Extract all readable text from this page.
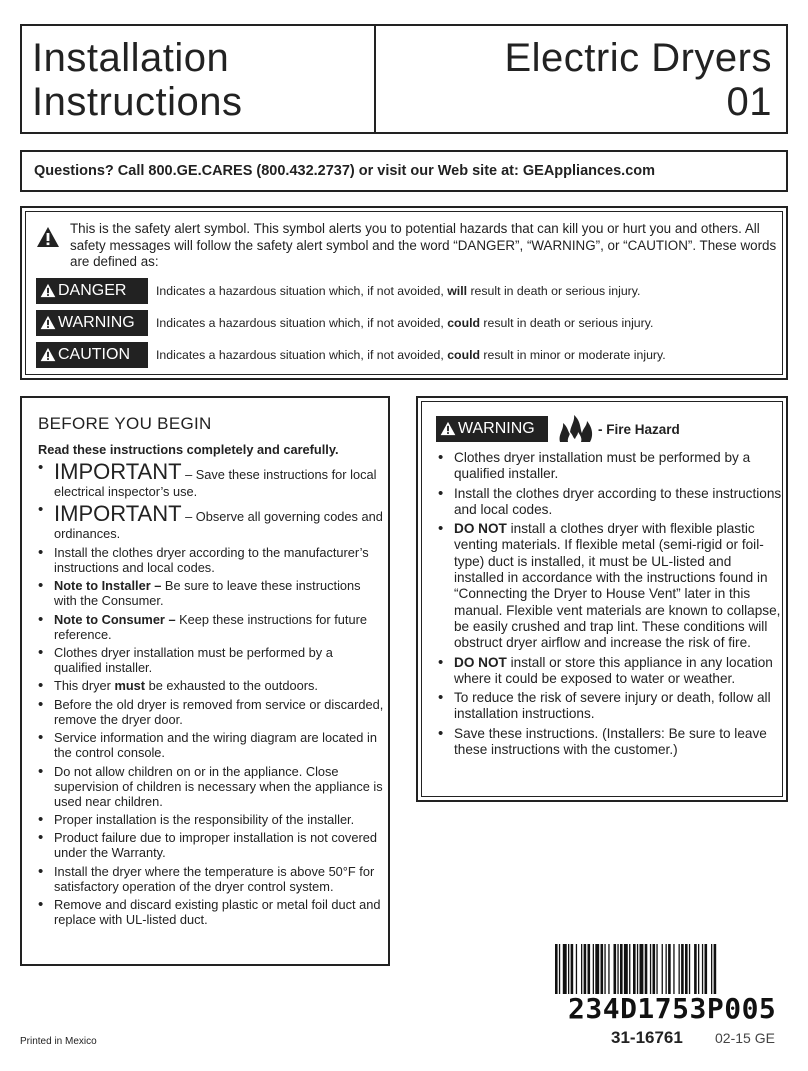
Installation
Instructions
Electric Dryers
01
Questions? Call 800.GE.CARES (800.432.2737) or visit our Web site at: GEAppliances.com
This is the safety alert symbol. This symbol alerts you to potential hazards that can kill you or hurt you and others. All safety messages will follow the safety alert symbol and the word “DANGER”, “WARNING”, or “CAUTION”. These words are defined as:
DANGER	Indicates a hazardous situation which, if not avoided, will result in death or serious injury.
WARNING	Indicates a hazardous situation which, if not avoided, could result in death or serious injury.
CAUTION	Indicates a hazardous situation which, if not avoided, could result in minor or moderate injury.
BEFORE YOU BEGIN
Read these instructions completely and carefully.
• IMPORTANT – Save these instructions for local electrical inspector’s use.
• IMPORTANT – Observe all governing codes and ordinances.
• Install the clothes dryer according to the manufacturer’s instructions and local codes.
• Note to Installer – Be sure to leave these instructions with the Consumer.
• Note to Consumer – Keep these instructions for future reference.
• Clothes dryer installation must be performed by a qualified installer.
• This dryer must be exhausted to the outdoors.
• Before the old dryer is removed from service or discarded, remove the dryer door.
• Service information and the wiring diagram are located in the control console.
• Do not allow children on or in the appliance. Close supervision of children is necessary when the appliance is used near children.
• Proper installation is the responsibility of the installer.
• Product failure due to improper installation is not covered under the Warranty.
• Install the dryer where the temperature is above 50°F for satisfactory operation of the dryer control system.
• Remove and discard existing plastic or metal foil duct and replace with UL-listed duct.
WARNING	- Fire Hazard
• Clothes dryer installation must be performed by a qualified installer.
• Install the clothes dryer according to these instructions and local codes.
• DO NOT install a clothes dryer with flexible plastic venting materials. If flexible metal (semi-rigid or foil-type) duct is installed, it must be UL-listed and installed in accordance with the instructions found in “Connecting the Dryer to House Vent” later in this manual. Flexible vent materials are known to collapse, be easily crushed and trap lint. These conditions will obstruct dryer airflow and increase the risk of fire.
• DO NOT install or store this appliance in any location where it could be exposed to water or weather.
• To reduce the risk of severe injury or death, follow all installation instructions.
• Save these instructions. (Installers: Be sure to leave these instructions with the customer.)
Printed in Mexico
234D1753P005
31-16761 02-15 GE
